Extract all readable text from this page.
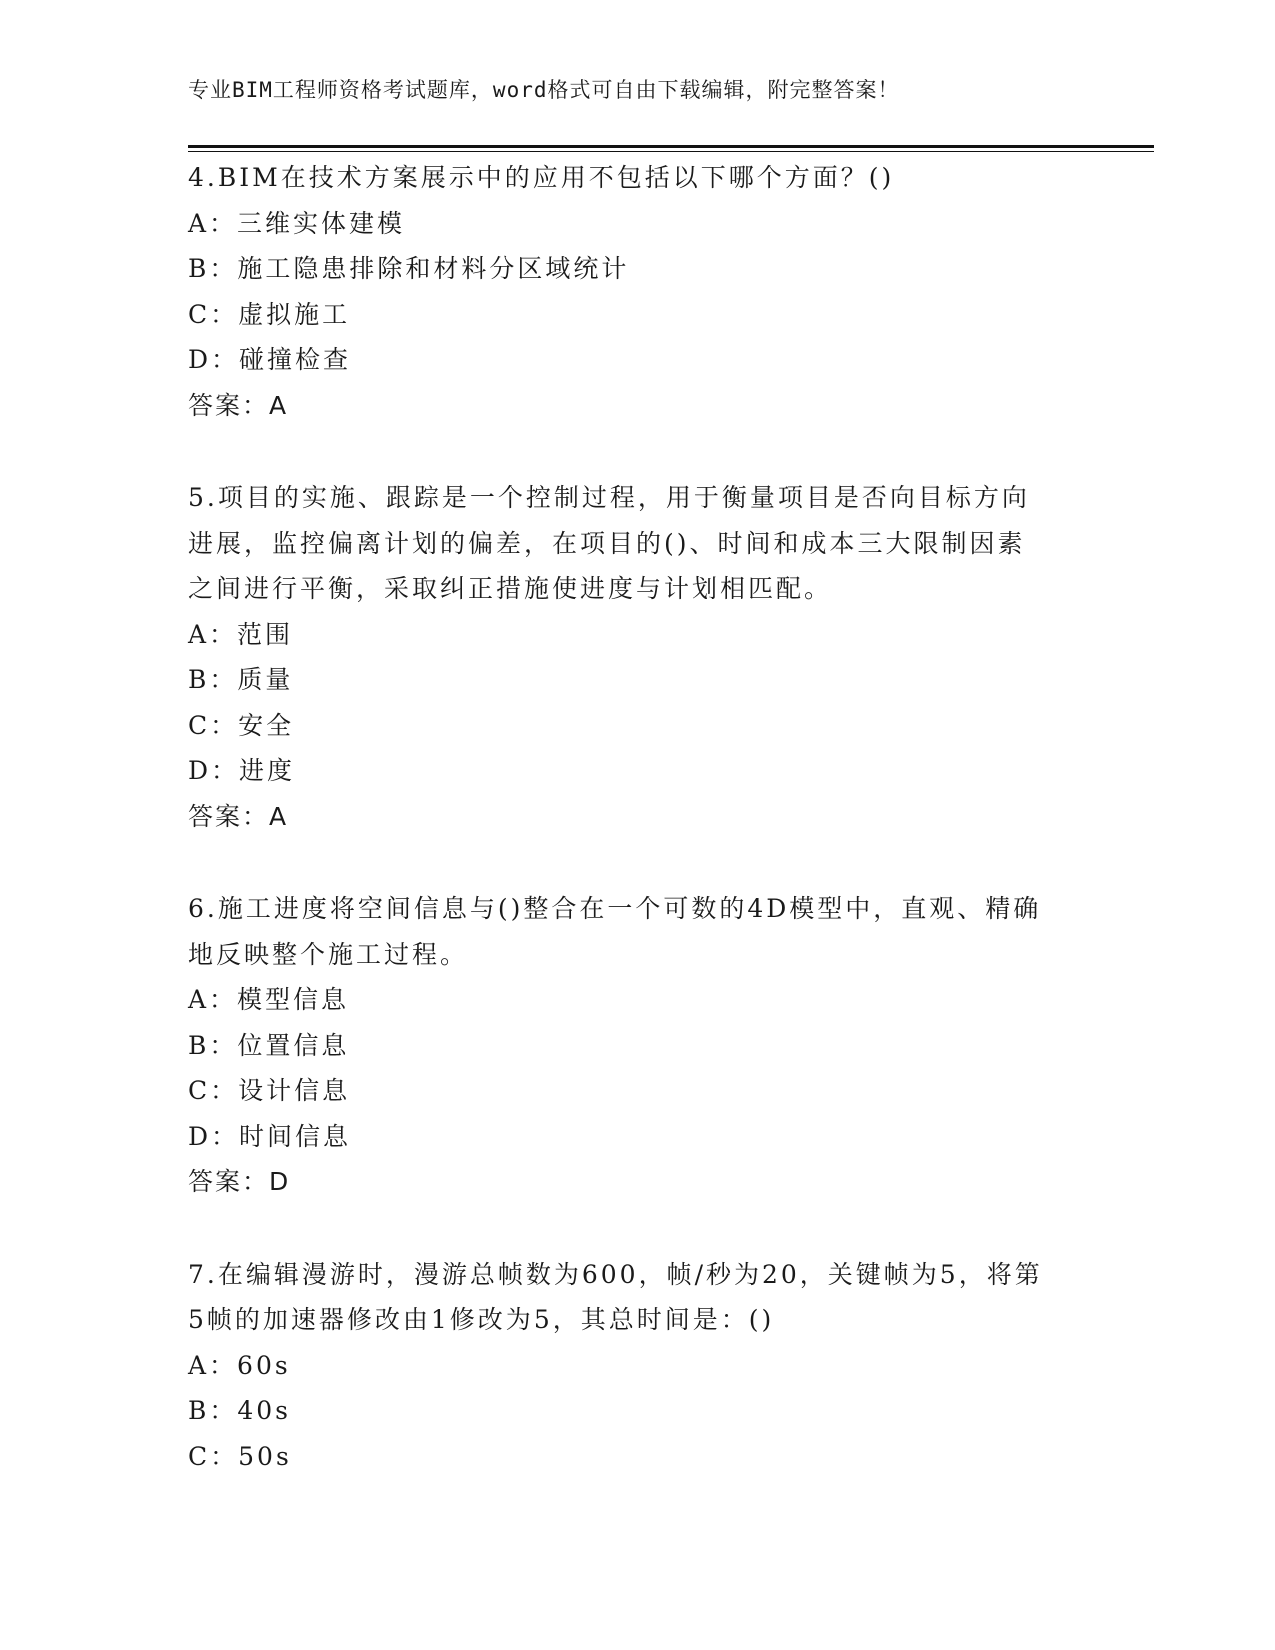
专业BIM工程师资格考试题库，word格式可自由下载编辑，附完整答案！
4.BIM在技术方案展示中的应用不包括以下哪个方面？()
A：三维实体建模
B：施工隐患排除和材料分区域统计
C：虚拟施工
D：碰撞检查
答案：A
5.项目的实施、跟踪是一个控制过程，用于衡量项目是否向目标方向
进展，监控偏离计划的偏差，在项目的()、时间和成本三大限制因素
之间进行平衡，采取纠正措施使进度与计划相匹配。
A：范围
B：质量
C：安全
D：进度
答案：A
6.施工进度将空间信息与()整合在一个可数的4D模型中，直观、精确
地反映整个施工过程。
A：模型信息
B：位置信息
C：设计信息
D：时间信息
答案：D
7.在编辑漫游时，漫游总帧数为600，帧/秒为20，关键帧为5，将第
5帧的加速器修改由1修改为5，其总时间是：()
A：60s
B：40s
C：50s
